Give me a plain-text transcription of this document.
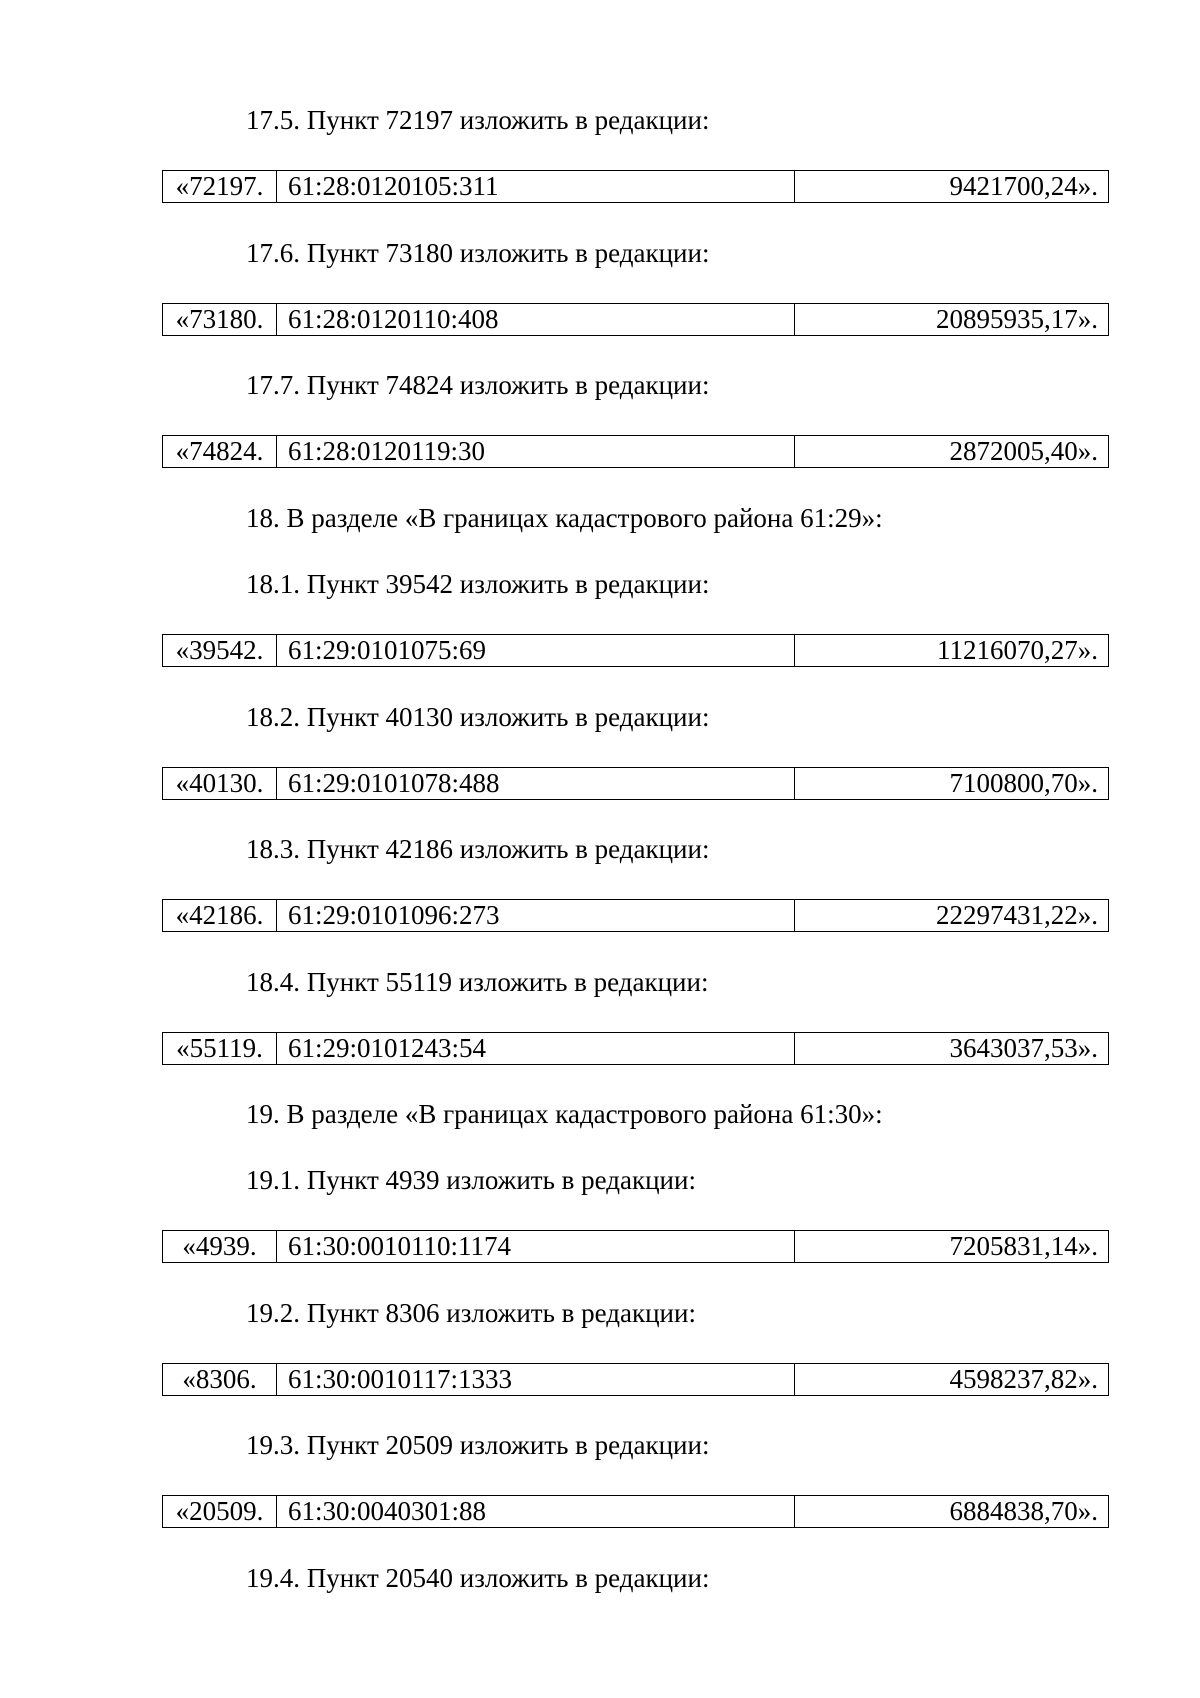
17.5. Пункт 72197 изложить в редакции:
«72197. 61:28:0120105:311	9421700,24».
17.6. Пункт 73180 изложить в редакции:
«73180. 61:28:0120110:408	20895935,17».
17.7. Пункт 74824 изложить в редакции:
«74824. 61:28:0120119:30	2872005,40».
18. В разделе «В границах кадастрового района 61:29»:
18.1. Пункт 39542 изложить в редакции:
«39542. 61:29:0101075:69	11216070,27».
18.2. Пункт 40130 изложить в редакции:
«40130. 61:29:0101078:488	7100800,70».
18.3. Пункт 42186 изложить в редакции:
«42186. 61:29:0101096:273	22297431,22».
18.4. Пункт 55119 изложить в редакции:
«55119. 61:29:0101243:54	3643037,53».
19. В разделе «В границах кадастрового района 61:30»:
19.1. Пункт 4939 изложить в редакции:
«4939.	61:30:0010110:1174	7205831,14».
19.2. Пункт 8306 изложить в редакции:
«8306.	61:30:0010117:1333	4598237,82».
19.3. Пункт 20509 изложить в редакции:
«20509. 61:30:0040301:88	6884838,70».
19.4. Пункт 20540 изложить в редакции:
